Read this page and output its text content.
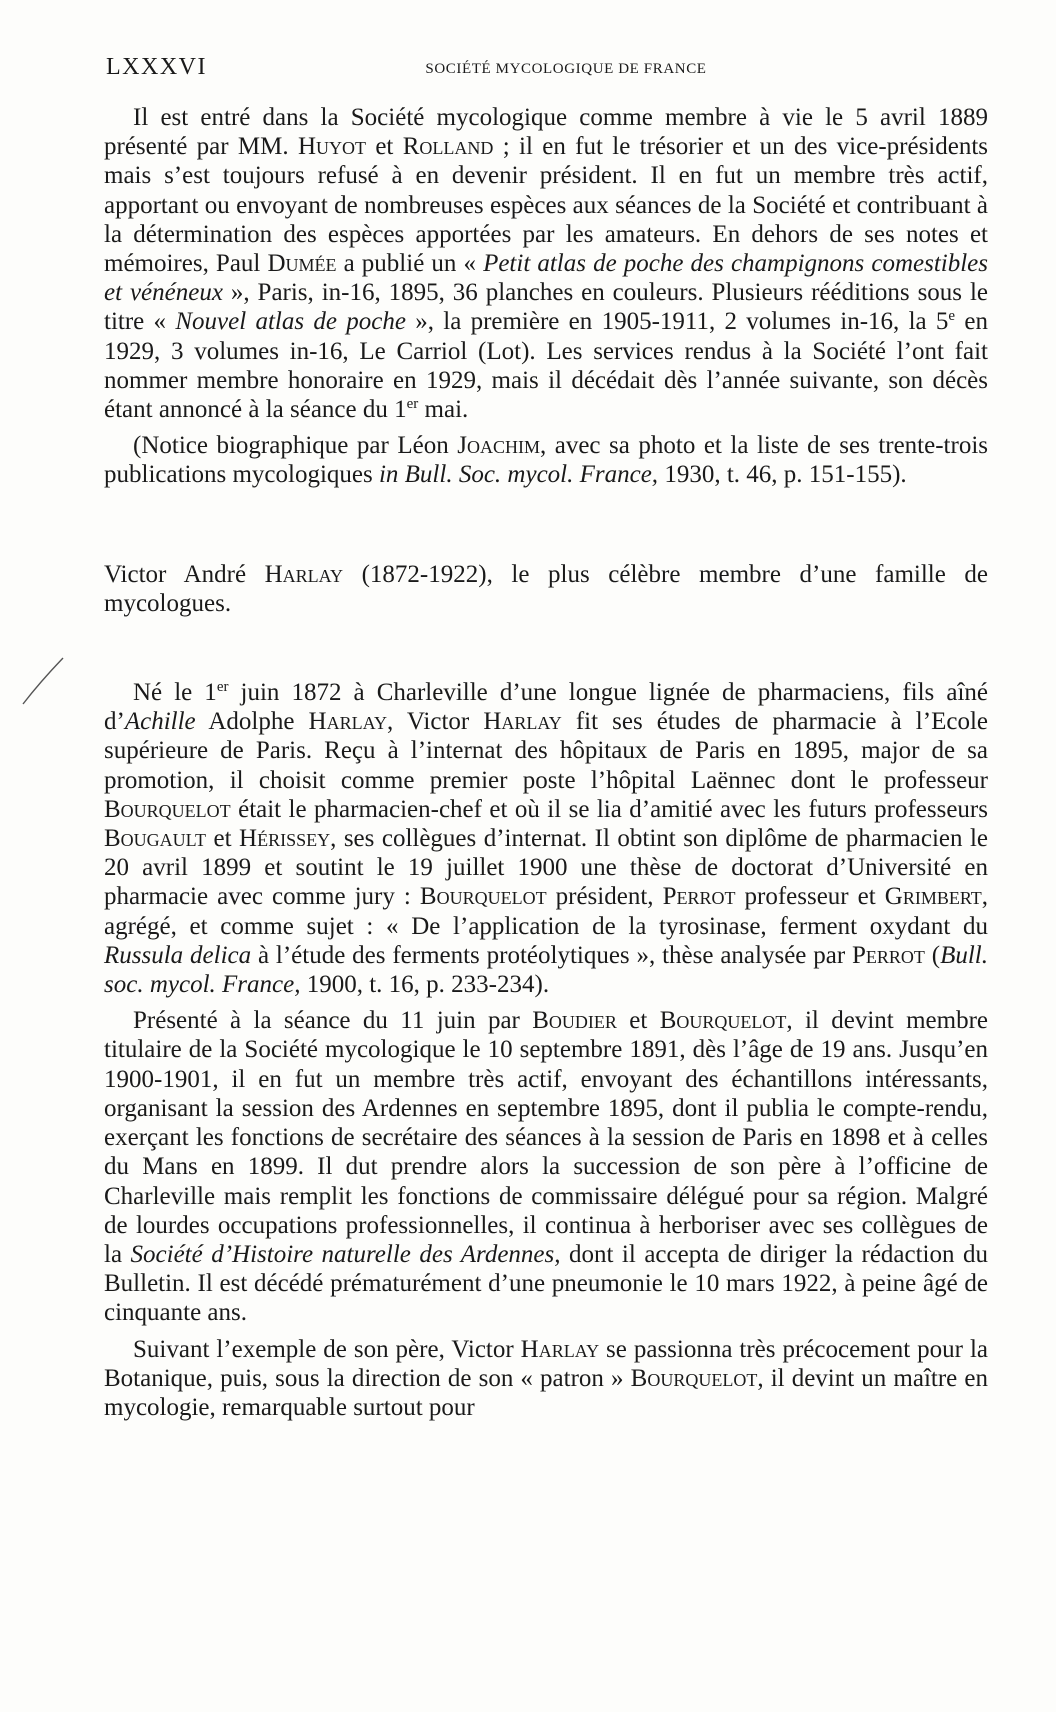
LXXXVI	SOCIÉTÉ MYCOLOGIQUE DE FRANCE

Il est entré dans la Société mycologique comme membre à vie le 5 avril 1889 présenté par MM. Huyot et Rolland ; il en fut le trésorier et un des vice-présidents mais s’est toujours refusé à en devenir président. Il en fut un membre très actif, apportant ou envoyant de nombreuses espèces aux séances de la Société et contribuant à la détermination des espèces apportées par les amateurs. En dehors de ses notes et mémoires, Paul Dumée a publié un « Petit atlas de poche des champignons comestibles et vénéneux », Paris, in-16, 1895, 36 planches en couleurs. Plusieurs rééditions sous le titre « Nouvel atlas de poche », la première en 1905-1911, 2 volumes in-16, la 5e en 1929, 3 volumes in-16, Le Carriol (Lot). Les services rendus à la Société l’ont fait nommer membre honoraire en 1929, mais il décédait dès l’année suivante, son décès étant annoncé à la séance du 1er mai.

(Notice biographique par Léon Joachim, avec sa photo et la liste de ses trente-trois publications mycologiques in Bull. Soc. mycol. France, 1930, t. 46, p. 151-155).

Victor André Harlay (1872-1922), le plus célèbre membre d’une famille de mycologues.

Né le 1er juin 1872 à Charleville d’une longue lignée de pharmaciens, fils aîné d’Achille Adolphe Harlay, Victor Harlay fit ses études de pharmacie à l’Ecole supérieure de Paris. Reçu à l’internat des hôpitaux de Paris en 1895, major de sa promotion, il choisit comme premier poste l’hôpital Laënnec dont le professeur Bourquelot était le pharmacien-chef et où il se lia d’amitié avec les futurs professeurs Bougault et Hérissey, ses collègues d’internat. Il obtint son diplôme de pharmacien le 20 avril 1899 et soutint le 19 juillet 1900 une thèse de doctorat d’Université en pharmacie avec comme jury : Bourquelot président, Perrot professeur et Grimbert, agrégé, et comme sujet : « De l’application de la tyrosinase, ferment oxydant du Russula delica à l’étude des ferments protéolytiques », thèse analysée par Perrot (Bull. soc. mycol. France, 1900, t. 16, p. 233-234).

Présenté à la séance du 11 juin par Boudier et Bourquelot, il devint membre titulaire de la Société mycologique le 10 septembre 1891, dès l’âge de 19 ans. Jusqu’en 1900-1901, il en fut un membre très actif, envoyant des échantillons intéressants, organisant la session des Ardennes en septembre 1895, dont il publia le compte-rendu, exerçant les fonctions de secrétaire des séances à la session de Paris en 1898 et à celles du Mans en 1899. Il dut prendre alors la succession de son père à l’officine de Charleville mais remplit les fonctions de commissaire délégué pour sa région. Malgré de lourdes occupations professionnelles, il continua à herboriser avec ses collègues de la Société d’Histoire naturelle des Ardennes, dont il accepta de diriger la rédaction du Bulletin. Il est décédé prématurément d’une pneumonie le 10 mars 1922, à peine âgé de cinquante ans.

Suivant l’exemple de son père, Victor Harlay se passionna très précocement pour la Botanique, puis, sous la direction de son « patron » Bourquelot, il devint un maître en mycologie, remarquable surtout pour
